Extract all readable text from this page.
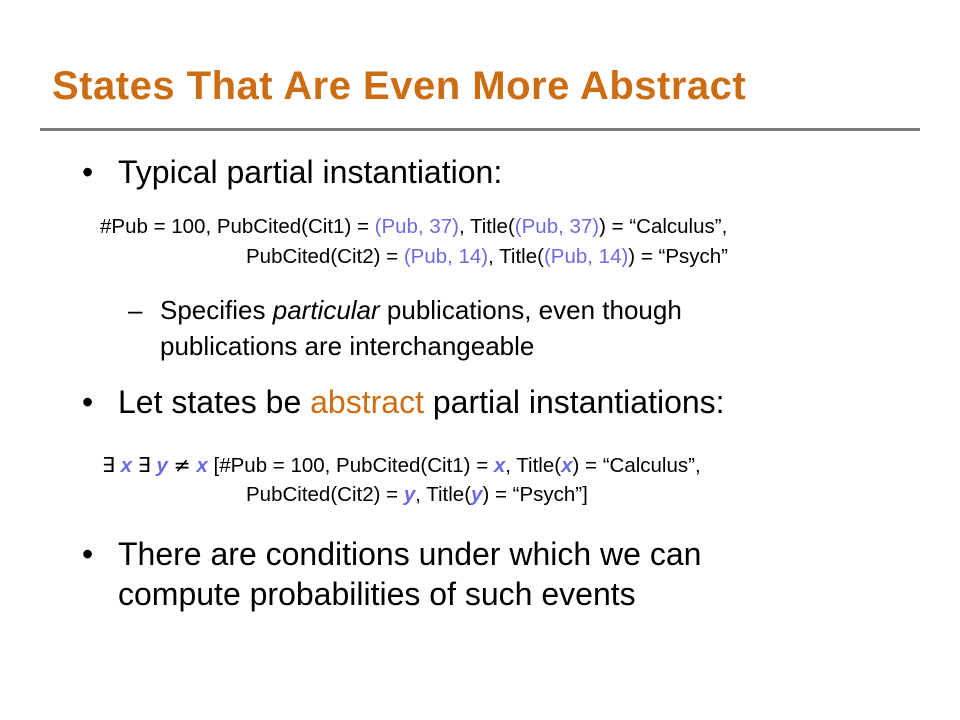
States That Are Even More Abstract
• Typical partial instantiation:
#Pub = 100, PubCited(Cit1) = (Pub, 37), Title((Pub, 37)) = “Calculus”,
PubCited(Cit2) = (Pub, 14), Title((Pub, 14)) = “Psych”
– Specifies particular publications, even though
publications are interchangeable
• Let states be abstract partial instantiations:
∃ x ∃ y ≠ x [#Pub = 100, PubCited(Cit1) = x, Title(x) = “Calculus”,
PubCited(Cit2) = y, Title(y) = “Psych”]
• There are conditions under which we can
compute probabilities of such events
